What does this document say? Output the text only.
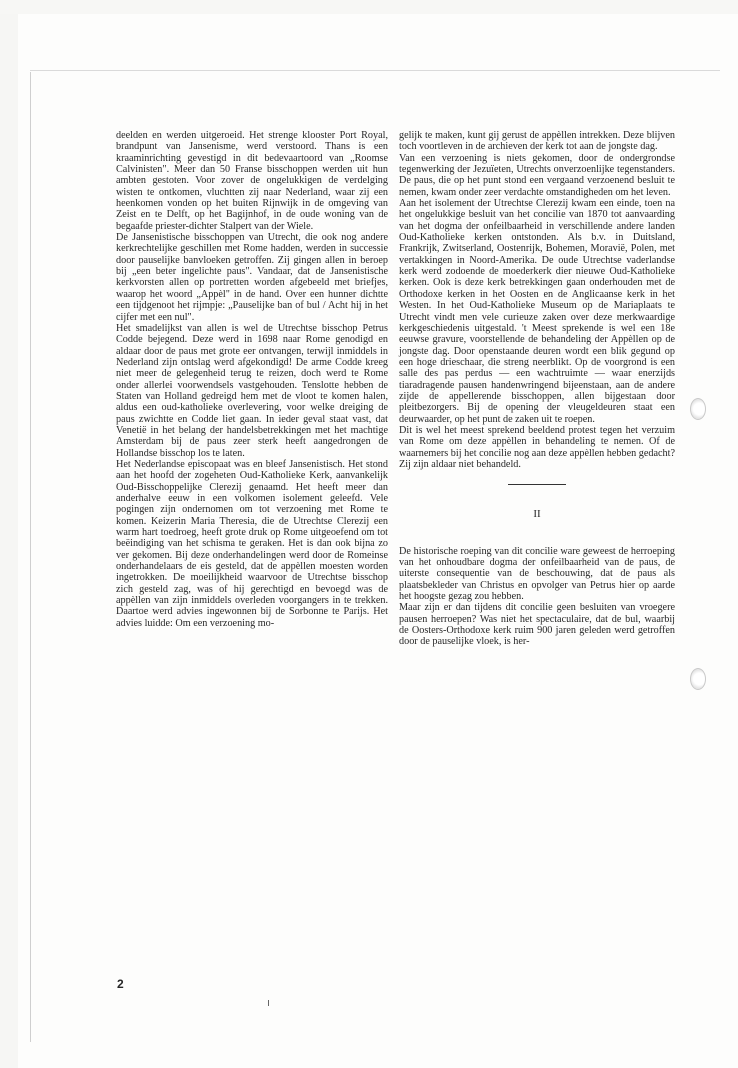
deelden en werden uitgeroeid. Het strenge klooster Port Royal, brandpunt van Jansenisme, werd verstoord. Thans is een kraaminrichting gevestigd in dit bedevaartoord van „Roomse Calvinisten". Meer dan 50 Franse bisschoppen werden uit hun ambten gestoten. Voor zover de ongelukkigen de verdelging wisten te ontkomen, vluchtten zij naar Nederland, waar zij een heenkomen vonden op het buiten Rijnwijk in de omgeving van Zeist en te Delft, op het Bagijnhof, in de oude woning van de begaafde priester-dichter Stalpert van der Wiele.

De Jansenistische bisschoppen van Utrecht, die ook nog andere kerkrechtelijke geschillen met Rome hadden, werden in successie door pauselijke banvloeken getroffen. Zij gingen allen in beroep bij „een beter ingelichte paus". Vandaar, dat de Jansenistische kerkvorsten allen op portretten worden afgebeeld met briefjes, waarop het woord „Appèl" in de hand. Over een hunner dichtte een tijdgenoot het rijmpje: „Pauselijke ban of bul / Acht hij in het cijfer met een nul".

Het smadelijkst van allen is wel de Utrechtse bisschop Petrus Codde bejegend. Deze werd in 1698 naar Rome genodigd en aldaar door de paus met grote eer ontvangen, terwijl inmiddels in Nederland zijn ontslag werd afgekondigd! De arme Codde kreeg niet meer de gelegenheid terug te reizen, doch werd te Rome onder allerlei voorwendsels vastgehouden. Tenslotte hebben de Staten van Holland gedreigd hem met de vloot te komen halen, aldus een oud-katholieke overlevering, voor welke dreiging de paus zwichtte en Codde liet gaan. In ieder geval staat vast, dat Venetië in het belang der handelsbetrekkingen met het machtige Amsterdam bij de paus zeer sterk heeft aangedrongen de Hollandse bisschop los te laten.

Het Nederlandse episcopaat was en bleef Jansenistisch. Het stond aan het hoofd der zogeheten Oud-Katholieke Kerk, aanvankelijk Oud-Bisschoppelijke Clerezij genaamd. Het heeft meer dan anderhalve eeuw in een volkomen isolement geleefd. Vele pogingen zijn ondernomen om tot verzoening met Rome te komen. Keizerin Maria Theresia, die de Utrechtse Clerezij een warm hart toedroeg, heeft grote druk op Rome uitgeoefend om tot beëindiging van het schisma te geraken. Het is dan ook bijna zo ver gekomen. Bij deze onderhandelingen werd door de Romeinse onderhandelaars de eis gesteld, dat de appèllen moesten worden ingetrokken. De moeilijkheid waarvoor de Utrechtse bisschop zich gesteld zag, was of hij gerechtigd en bevoegd was de appèllen van zijn inmiddels overleden voorgangers in te trekken. Daartoe werd advies ingewonnen bij de Sorbonne te Parijs. Het advies luidde: Om een verzoening mo-

gelijk te maken, kunt gij gerust de appèllen intrekken. Deze blijven toch voortleven in de archieven der kerk tot aan de jongste dag.

Van een verzoening is niets gekomen, door de ondergrondse tegenwerking der Jezuïeten, Utrechts onverzoenlijke tegenstanders. De paus, die op het punt stond een vergaand verzoenend besluit te nemen, kwam onder zeer verdachte omstandigheden om het leven.

Aan het isolement der Utrechtse Clerezij kwam een einde, toen na het ongelukkige besluit van het concilie van 1870 tot aanvaarding van het dogma der onfeilbaarheid in verschillende andere landen Oud-Katholieke kerken ontstonden. Als b.v. in Duitsland, Frankrijk, Zwitserland, Oostenrijk, Bohemen, Moravië, Polen, met vertakkingen in Noord-Amerika. De oude Utrechtse vaderlandse kerk werd zodoende de moederkerk dier nieuwe Oud-Katholieke kerken. Ook is deze kerk betrekkingen gaan onderhouden met de Orthodoxe kerken in het Oosten en de Anglicaanse kerk in het Westen. In het Oud-Katholieke Museum op de Mariaplaats te Utrecht vindt men vele curieuze zaken over deze merkwaardige kerkgeschiedenis uitgestald. 't Meest sprekende is wel een 18e eeuwse gravure, voorstellende de behandeling der Appèllen op de jongste dag. Door openstaande deuren wordt een blik gegund op een hoge drieschaar, die streng neerblikt. Op de voorgrond is een salle des pas perdus — een wachtruimte — waar enerzijds tiaradragende pausen handenwringend bijeenstaan, aan de andere zijde de appellerende bisschoppen, allen bijgestaan door pleitbezorgers. Bij de opening der vleugeldeuren staat een deurwaarder, op het punt de zaken uit te roepen.

Dit is wel het meest sprekend beeldend protest tegen het verzuim van Rome om deze appèllen in behandeling te nemen. Of de waarnemers bij het concilie nog aan deze appèllen hebben gedacht? Zij zijn aldaar niet behandeld.

II

De historische roeping van dit concilie ware geweest de herroeping van het onhoudbare dogma der onfeilbaarheid van de paus, de uiterste consequentie van de beschouwing, dat de paus als plaatsbekleder van Christus en opvolger van Petrus hier op aarde het hoogste gezag zou hebben.

Maar zijn er dan tijdens dit concilie geen besluiten van vroegere pausen herroepen? Was niet het spectaculaire, dat de bul, waarbij de Oosters-Orthodoxe kerk ruim 900 jaren geleden werd getroffen door de pauselijke vloek, is her-

2
